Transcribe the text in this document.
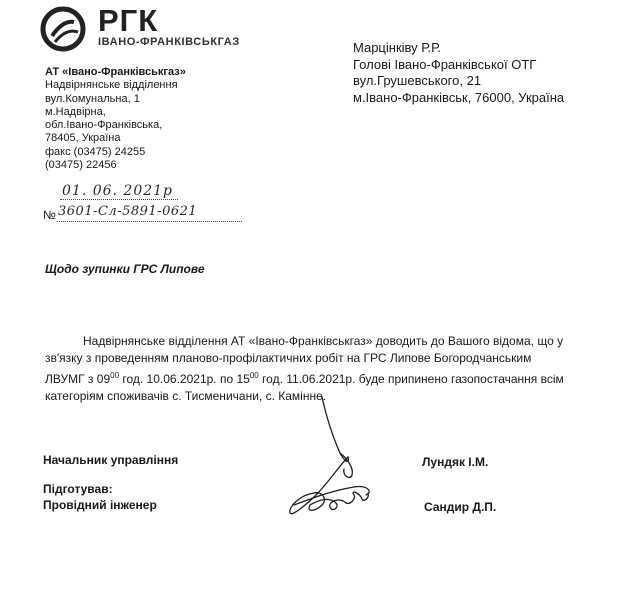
РГК
ІВАНО-ФРАНКІВСЬКГАЗ
АТ «Івано-Франківськгаз»
Надвірнянське відділення
вул.Комунальна, 1
м.Надвірна,
обл.Івано-Франківська,
78405, Україна
факс (03475) 24255
(03475) 22456
Марцінківу Р.Р.
Голові Івано-Франківської ОТГ
вул.Грушевського, 21
м.Івано-Франківськ, 76000, Україна
01. 06. 2021р
№ 3601-Сл-5891-0621
Щодо зупинки ГРС Липове
Надвірнянське відділення АТ «Івано-Франківськгаз» доводить до Вашого відома, що у
зв'язку з проведенням планово-профілактичних робіт на ГРС Липове Богородчанським
ЛВУМГ з $09^{00}$ год. 10.06.2021р. по $15^{00}$ год. 11.06.2021р. буде припинено газопостачання всім
категоріям споживачів с. Тисменичани, с. Камінне.
Начальник управління	Лундяк І.М.
Підготував:
Провідний інженер	Сандир Д.П.
